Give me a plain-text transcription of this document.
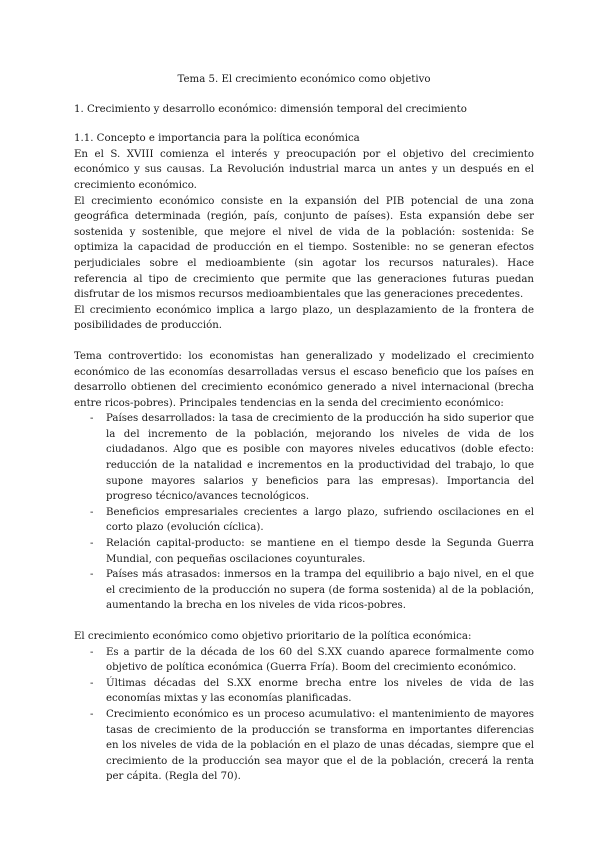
Tema 5. El crecimiento económico como objetivo
1. Crecimiento y desarrollo económico: dimensión temporal del crecimiento
1.1. Concepto e importancia para la política económica

En el S. XVIII comienza el interés y preocupación por el objetivo del crecimiento económico y sus causas. La Revolución industrial marca un antes y un después en el crecimiento económico.

El crecimiento económico consiste en la expansión del PIB potencial de una zona geográfica determinada (región, país, conjunto de países). Esta expansión debe ser sostenida y sostenible, que mejore el nivel de vida de la población: sostenida: Se optimiza la capacidad de producción en el tiempo. Sostenible: no se generan efectos perjudiciales sobre el medioambiente (sin agotar los recursos naturales). Hace referencia al tipo de crecimiento que permite que las generaciones futuras puedan disfrutar de los mismos recursos medioambientales que las generaciones precedentes.

El crecimiento económico implica a largo plazo, un desplazamiento de la frontera de posibilidades de producción.

Tema controvertido: los economistas han generalizado y modelizado el crecimiento económico de las economías desarrolladas versus el escaso beneficio que los países en desarrollo obtienen del crecimiento económico generado a nivel internacional (brecha entre ricos-pobres). Principales tendencias en la senda del crecimiento económico:

- Países desarrollados: la tasa de crecimiento de la producción ha sido superior que la del incremento de la población, mejorando los niveles de vida de los ciudadanos. Algo que es posible con mayores niveles educativos (doble efecto: reducción de la natalidad e incrementos en la productividad del trabajo, lo que supone mayores salarios y beneficios para las empresas). Importancia del progreso técnico/avances tecnológicos.
- Beneficios empresariales crecientes a largo plazo, sufriendo oscilaciones en el corto plazo (evolución cíclica).
- Relación capital-producto: se mantiene en el tiempo desde la Segunda Guerra Mundial, con pequeñas oscilaciones coyunturales.
- Países más atrasados: inmersos en la trampa del equilibrio a bajo nivel, en el que el crecimiento de la producción no supera (de forma sostenida) al de la población, aumentando la brecha en los niveles de vida ricos-pobres.

El crecimiento económico como objetivo prioritario de la política económica:

- Es a partir de la década de los 60 del S.XX cuando aparece formalmente como objetivo de política económica (Guerra Fría). Boom del crecimiento económico.
- Últimas décadas del S.XX enorme brecha entre los niveles de vida de las economías mixtas y las economías planificadas.
- Crecimiento económico es un proceso acumulativo: el mantenimiento de mayores tasas de crecimiento de la producción se transforma en importantes diferencias en los niveles de vida de la población en el plazo de unas décadas, siempre que el crecimiento de la producción sea mayor que el de la población, crecerá la renta per cápita. (Regla del 70).
